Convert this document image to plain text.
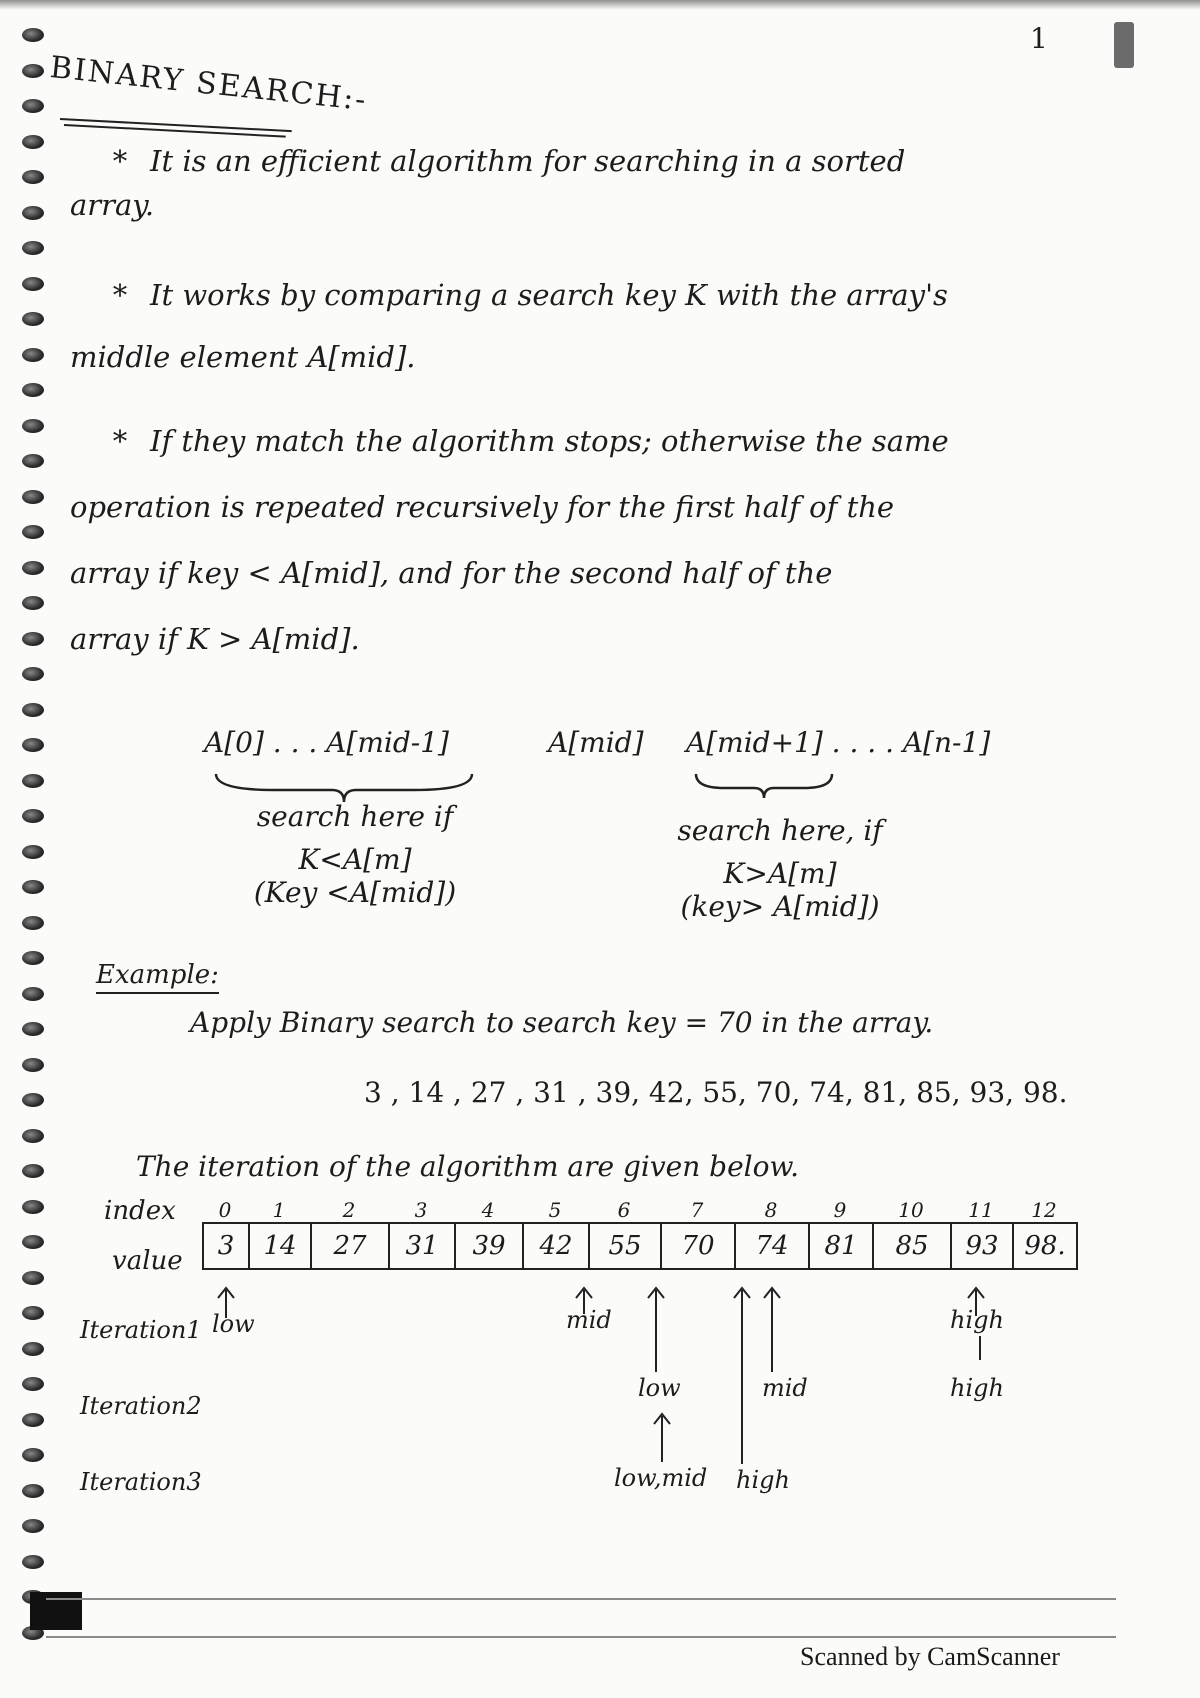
1
BINARY SEARCH:-
* It is an efficient algorithm for searching in a sorted
array.
* It works by comparing a search key K with the array's
middle element A[mid].
* If they match the algorithm stops; otherwise the same
operation is repeated recursively for the first half of the
array if key < A[mid], and for the second half of the
array if K > A[mid].
A[0] . . . A[mid-1]	A[mid] A[mid+1] . . . . A[n-1]
search here if
K<A[m]
(Key <A[mid])
search here, if
K>A[m]
(key> A[mid])
Example:
Apply Binary search to search key = 70 in the array.
3 , 14 , 27 , 31 , 39, 42, 55, 70, 74, 81, 85, 93, 98.
The iteration of the algorithm are given below.
index
value
0	1	2	3	4	5	6	7	8	9	10	11	12
3	14	27	31	39	42	55	70	74	81	85	93	98.
Iteration1 low	mid	high
Iteration2
low	mid	high
Iteration3	low,mid high
Scanned by CamScanner
